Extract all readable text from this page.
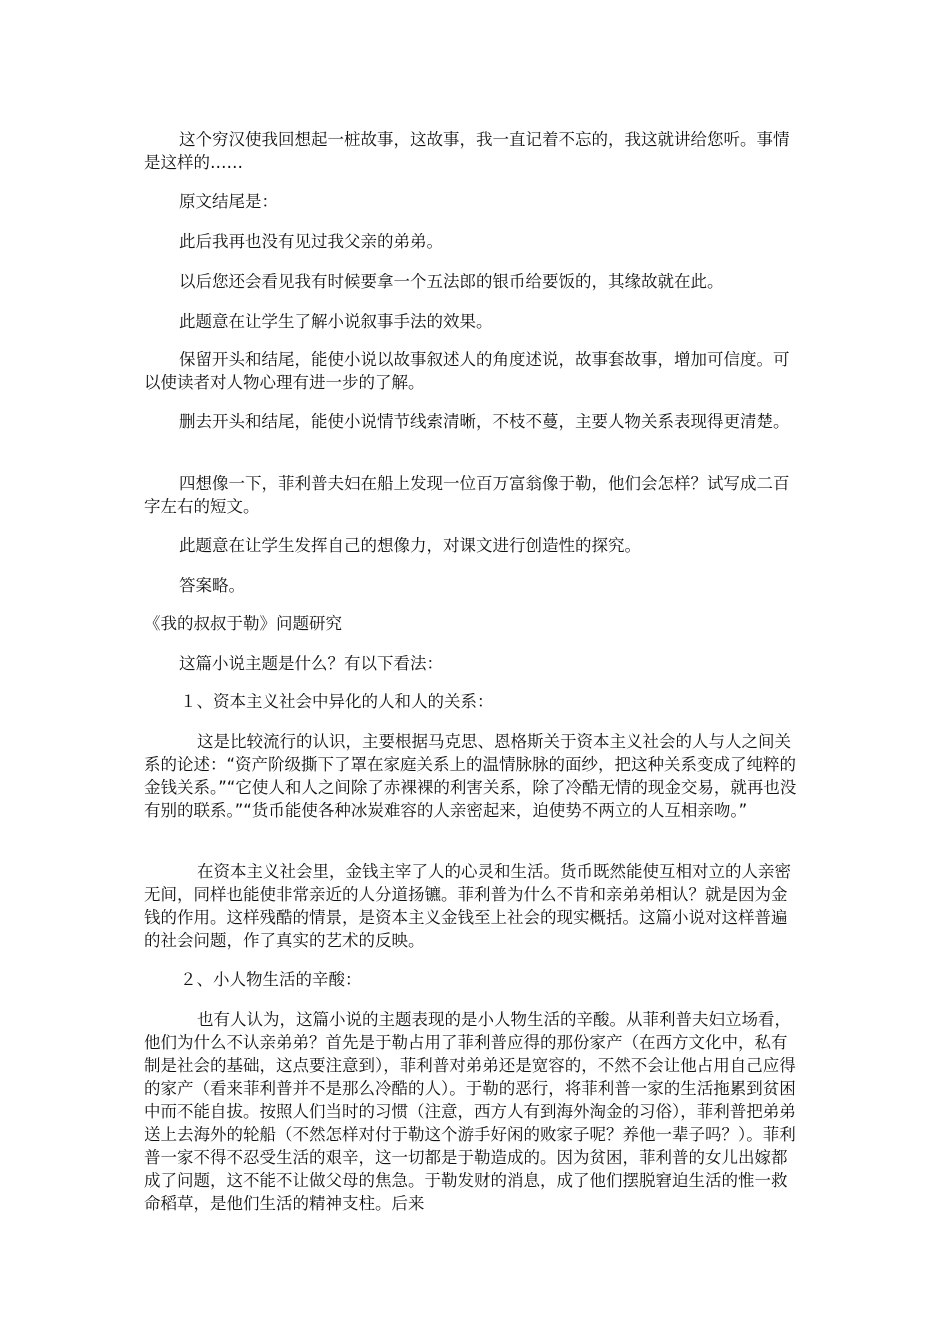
这个穷汉使我回想起一桩故事，这故事，我一直记着不忘的，我这就讲给您听。事情是这样的……

原文结尾是：

此后我再也没有见过我父亲的弟弟。

以后您还会看见我有时候要拿一个五法郎的银币给要饭的，其缘故就在此。

此题意在让学生了解小说叙事手法的效果。

保留开头和结尾，能使小说以故事叙述人的角度述说，故事套故事，增加可信度。可以使读者对人物心理有进一步的了解。

删去开头和结尾，能使小说情节线索清晰，不枝不蔓，主要人物关系表现得更清楚。

四想像一下，菲利普夫妇在船上发现一位百万富翁像于勒，他们会怎样？试写成二百字左右的短文。

此题意在让学生发挥自己的想像力，对课文进行创造性的探究。

答案略。

《我的叔叔于勒》问题研究

这篇小说主题是什么？有以下看法：

１、资本主义社会中异化的人和人的关系：

这是比较流行的认识，主要根据马克思、恩格斯关于资本主义社会的人与人之间关系的论述：“资产阶级撕下了罩在家庭关系上的温情脉脉的面纱，把这种关系变成了纯粹的金钱关系。”“它使人和人之间除了赤裸裸的利害关系，除了冷酷无情的现金交易，就再也没有别的联系。”“货币能使各种冰炭难容的人亲密起来，迫使势不两立的人互相亲吻。”

在资本主义社会里，金钱主宰了人的心灵和生活。货币既然能使互相对立的人亲密无间，同样也能使非常亲近的人分道扬镳。菲利普为什么不肯和亲弟弟相认？就是因为金钱的作用。这样残酷的情景，是资本主义金钱至上社会的现实概括。这篇小说对这样普遍的社会问题，作了真实的艺术的反映。

２、小人物生活的辛酸：

也有人认为，这篇小说的主题表现的是小人物生活的辛酸。从菲利普夫妇立场看，他们为什么不认亲弟弟？首先是于勒占用了菲利普应得的那份家产（在西方文化中，私有制是社会的基础，这点要注意到），菲利普对弟弟还是宽容的，不然不会让他占用自己应得的家产（看来菲利普并不是那么冷酷的人）。于勒的恶行，将菲利普一家的生活拖累到贫困中而不能自拔。按照人们当时的习惯（注意，西方人有到海外淘金的习俗），菲利普把弟弟送上去海外的轮船（不然怎样对付于勒这个游手好闲的败家子呢？养他一辈子吗？）。菲利普一家不得不忍受生活的艰辛，这一切都是于勒造成的。因为贫困，菲利普的女儿出嫁都成了问题，这不能不让做父母的焦急。于勒发财的消息，成了他们摆脱窘迫生活的惟一救命稻草，是他们生活的精神支柱。后来
